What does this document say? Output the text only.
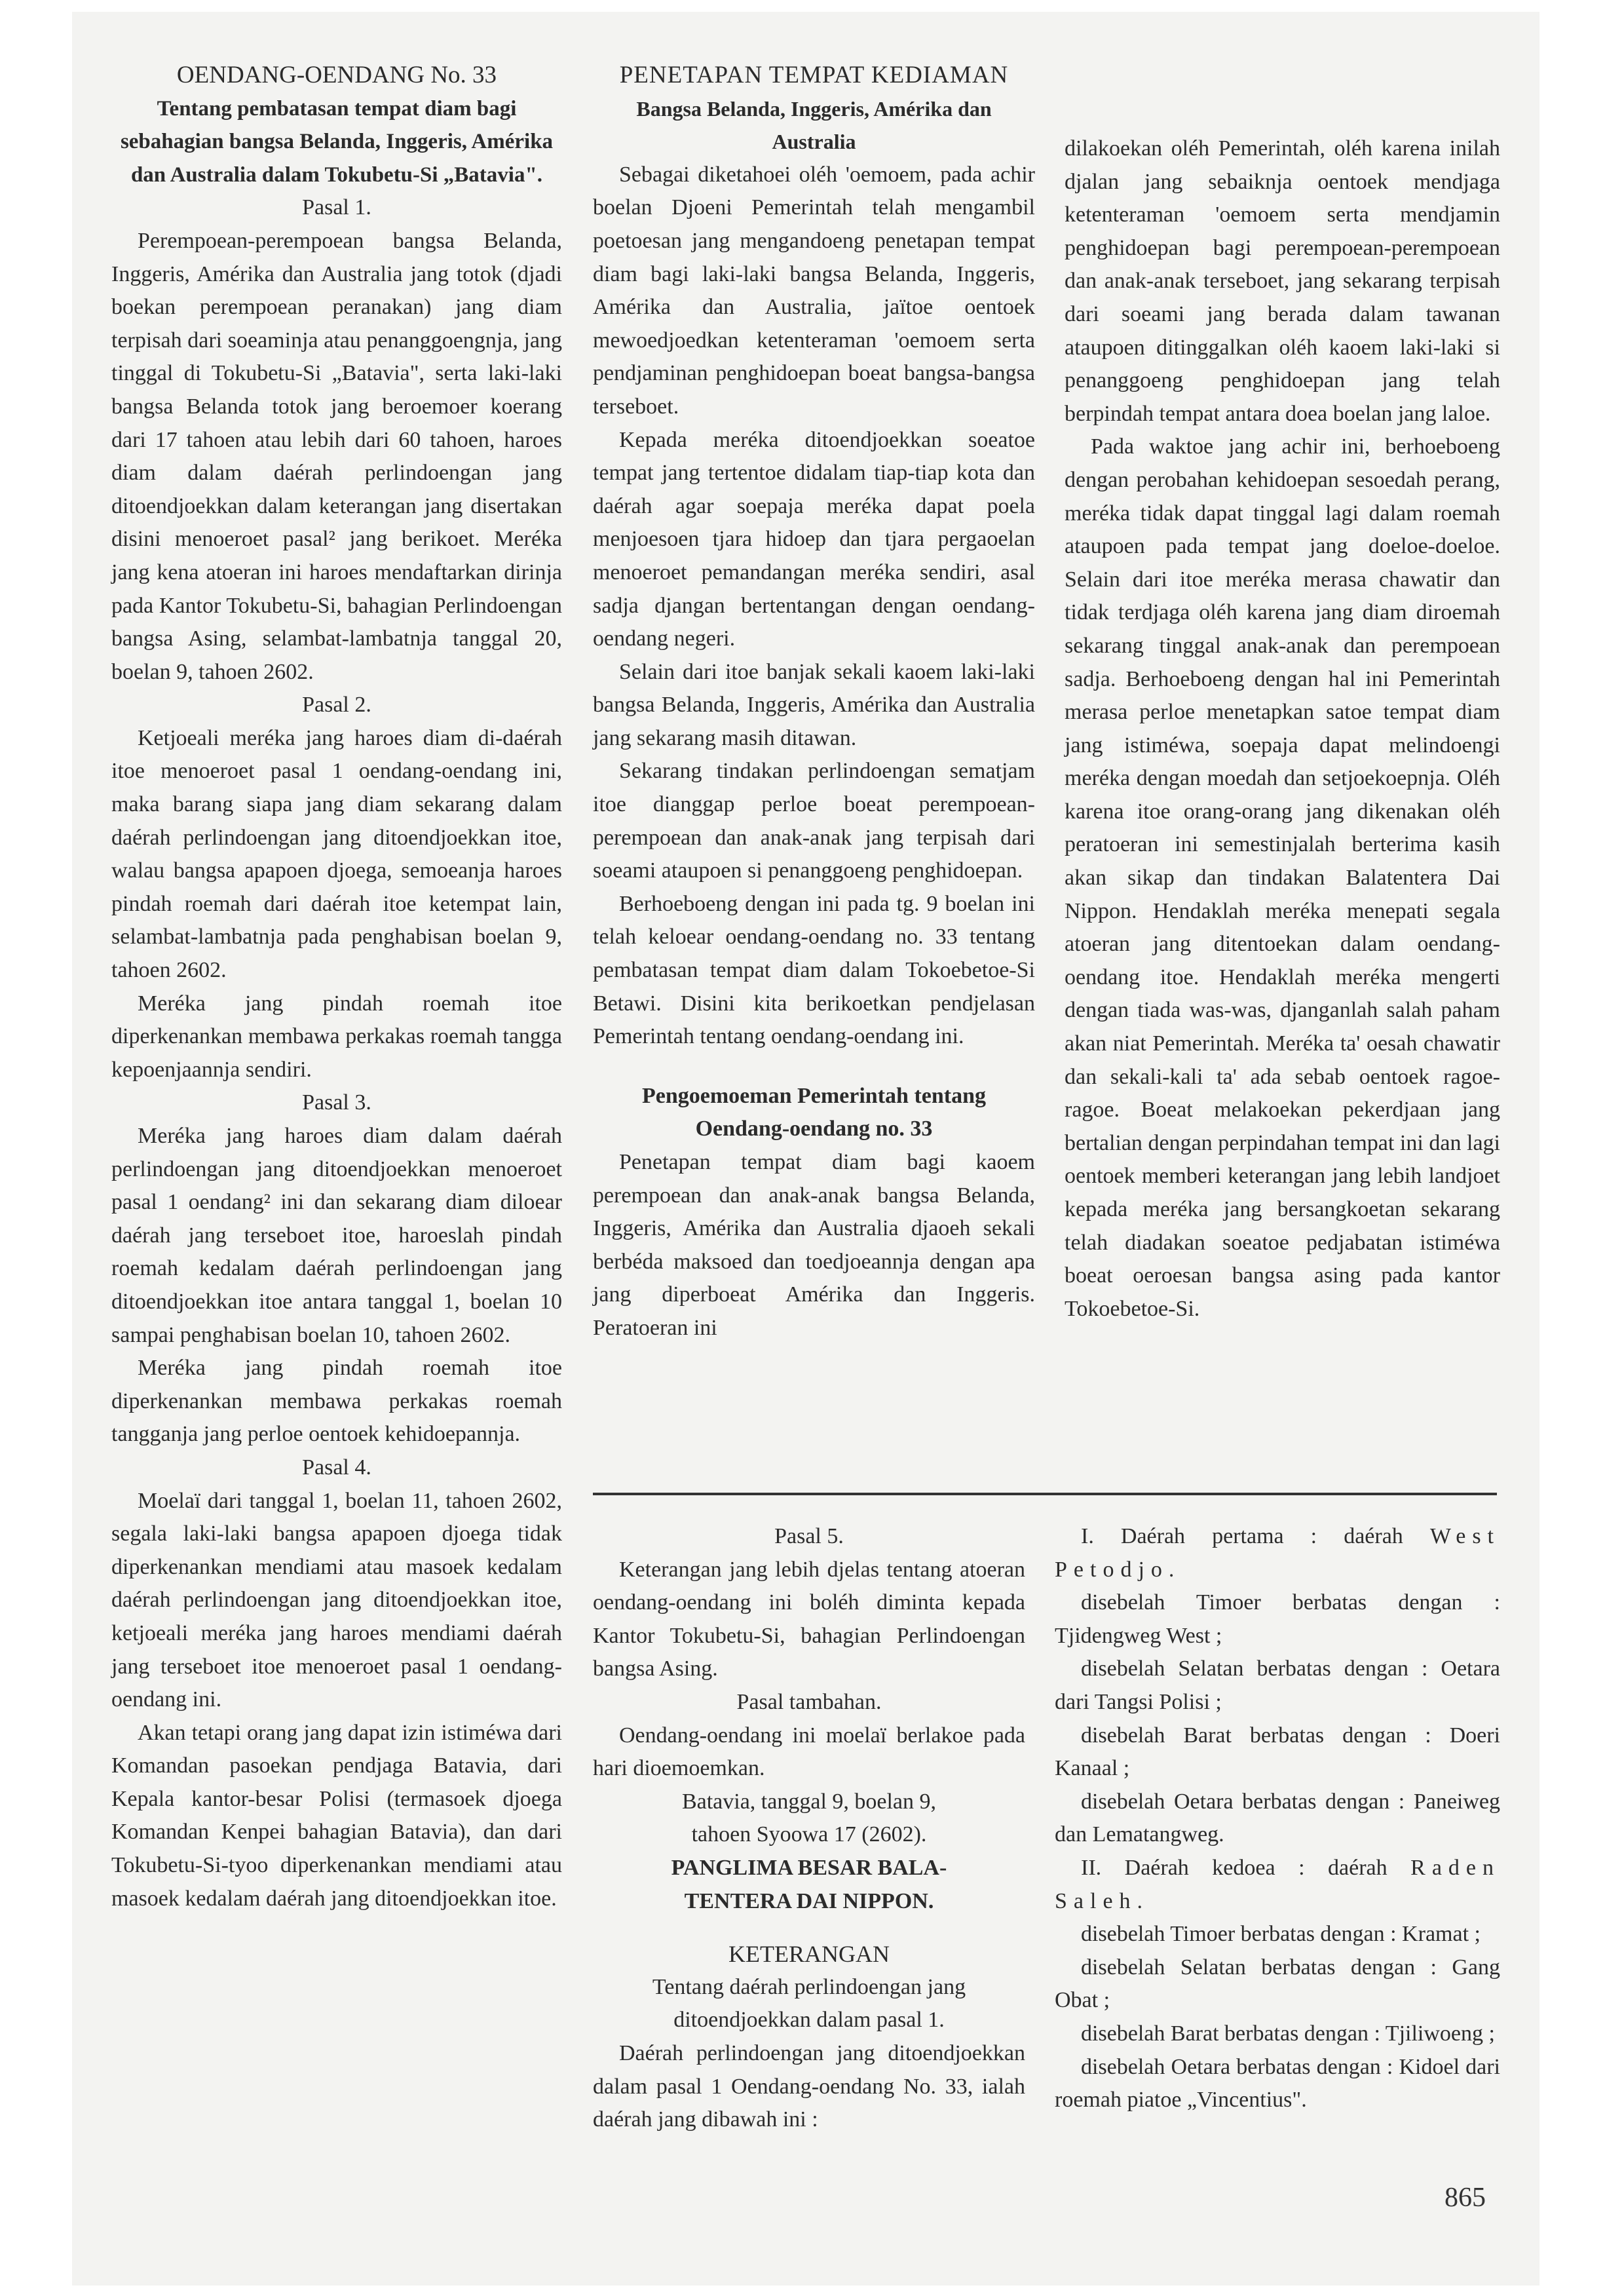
OENDANG-OENDANG No. 33
Tentang pembatasan tempat diam bagi sebahagian bangsa Belanda, Inggeris, Amérika dan Australia dalam Tokubetu-Si „Batavia".
Pasal 1.

Perempoean-perempoean bangsa Belanda, Inggeris, Amérika dan Australia jang totok (djadi boekan perempoean peranakan) jang diam terpisah dari soeaminja atau penanggoengnja, jang tinggal di Tokubetu-Si „Batavia", serta laki-laki bangsa Belanda totok jang beroemoer koerang dari 17 tahoen atau lebih dari 60 tahoen, haroes diam dalam daérah perlindoengan jang ditoendjoekkan dalam keterangan jang disertakan disini menoeroet pasal² jang berikoet. Meréka jang kena atoeran ini haroes mendaftarkan dirinja pada Kantor Tokubetu-Si, bahagian Perlindoengan bangsa Asing, selambat-lambatnja tanggal 20, boelan 9, tahoen 2602.

Pasal 2.

Ketjoeali meréka jang haroes diam di-daérah itoe menoeroet pasal 1 oendang-oendang ini, maka barang siapa jang diam sekarang dalam daérah perlindoengan jang ditoendjoekkan itoe, walau bangsa apapoen djoega, semoeanja haroes pindah roemah dari daérah itoe ketempat lain, selambat-lambatnja pada penghabisan boelan 9, tahoen 2602.

Meréka jang pindah roemah itoe diperkenankan membawa perkakas roemah tangga kepoenjaannja sendiri.

Pasal 3.

Meréka jang haroes diam dalam daérah perlindoengan jang ditoendjoekkan menoeroet pasal 1 oendang² ini dan sekarang diam diloear daérah jang terseboet itoe, haroeslah pindah roemah kedalam daérah perlindoengan jang ditoendjoekkan itoe antara tanggal 1, boelan 10 sampai penghabisan boelan 10, tahoen 2602.

Meréka jang pindah roemah itoe diperkenankan membawa perkakas roemah tangganja jang perloe oentoek kehidoepannja.

Pasal 4.

Moelaï dari tanggal 1, boelan 11, tahoen 2602, segala laki-laki bangsa apapoen djoega tidak diperkenankan mendiami atau masoek kedalam daérah perlindoengan jang ditoendjoekkan itoe, ketjoeali meréka jang haroes mendiami daérah jang terseboet itoe menoeroet pasal 1 oendang-oendang ini.

Akan tetapi orang jang dapat izin istiméwa dari Komandan pasoekan pendjaga Batavia, dari Kepala kantor-besar Polisi (termasoek djoega Komandan Kenpei bahagian Batavia), dan dari Tokubetu-Si-tyoo diperkenankan mendiami atau masoek kedalam daérah jang ditoendjoekkan itoe.

PENETAPAN TEMPAT KEDIAMAN
Bangsa Belanda, Inggeris, Amérika dan Australia

Sebagai diketahoei oléh 'oemoem, pada achir boelan Djoeni Pemerintah telah mengambil poetoesan jang mengandoeng penetapan tempat diam bagi laki-laki bangsa Belanda, Inggeris, Amérika dan Australia, jaïtoe oentoek mewoedjoedkan ketenteraman 'oemoem serta pendjaminan penghidoepan boeat bangsa-bangsa terseboet.

Kepada meréka ditoendjoekkan soeatoe tempat jang tertentoe didalam tiap-tiap kota dan daérah agar soepaja meréka dapat poela menjoesoen tjara hidoep dan tjara pergaoelan menoeroet pemandangan meréka sendiri, asal sadja djangan bertentangan dengan oendang-oendang negeri.

Selain dari itoe banjak sekali kaoem laki-laki bangsa Belanda, Inggeris, Amérika dan Australia jang sekarang masih ditawan.

Sekarang tindakan perlindoengan sematjam itoe dianggap perloe boeat perempoean-perempoean dan anak-anak jang terpisah dari soeami ataupoen si penanggoeng penghidoepan.

Berhoeboeng dengan ini pada tg. 9 boelan ini telah keloear oendang-oendang no. 33 tentang pembatasan tempat diam dalam Tokoebetoe-Si Betawi. Disini kita berikoetkan pendjelasan Pemerintah tentang oendang-oendang ini.

Pengoemoeman Pemerintah tentang
Oendang-oendang no. 33

Penetapan tempat diam bagi kaoem perempoean dan anak-anak bangsa Belanda, Inggeris, Amérika dan Australia djaoeh sekali berbéda maksoed dan toedjoeannja dengan apa jang diperboeat Amérika dan Inggeris. Peratoeran ini

dilakoekan oléh Pemerintah, oléh karena inilah djalan jang sebaiknja oentoek mendjaga ketenteraman 'oemoem serta mendjamin penghidoepan bagi perempoean-perempoean dan anak-anak terseboet, jang sekarang terpisah dari soeami jang berada dalam tawanan ataupoen ditinggalkan oléh kaoem laki-laki si penanggoeng penghidoepan jang telah berpindah tempat antara doea boelan jang laloe.

Pada waktoe jang achir ini, berhoeboeng dengan perobahan kehidoepan sesoedah perang, meréka tidak dapat tinggal lagi dalam roemah ataupoen pada tempat jang doeloe-doeloe. Selain dari itoe meréka merasa chawatir dan tidak terdjaga oléh karena jang diam diroemah sekarang tinggal anak-anak dan perempoean sadja. Berhoeboeng dengan hal ini Pemerintah merasa perloe menetapkan satoe tempat diam jang istiméwa, soepaja dapat melindoengi meréka dengan moedah dan setjoekoepnja. Oléh karena itoe orang-orang jang dikenakan oléh peratoeran ini semestinjalah berterima kasih akan sikap dan tindakan Balatentera Dai Nippon. Hendaklah meréka menepati segala atoeran jang ditentoekan dalam oendang-oendang itoe. Hendaklah meréka mengerti dengan tiada was-was, djanganlah salah paham akan niat Pemerintah. Meréka ta' oesah chawatir dan sekali-kali ta' ada sebab oentoek ragoe-ragoe. Boeat melakoekan pekerdjaan jang bertalian dengan perpindahan tempat ini dan lagi oentoek memberi keterangan jang lebih landjoet kepada meréka jang bersangkoetan sekarang telah diadakan soeatoe pedjabatan istiméwa boeat oeroesan bangsa asing pada kantor Tokoebetoe-Si.

Pasal 5.

Keterangan jang lebih djelas tentang atoeran oendang-oendang ini boléh diminta kepada Kantor Tokubetu-Si, bahagian Perlindoengan bangsa Asing.

Pasal tambahan.

Oendang-oendang ini moelaï berlakoe pada hari dioemoemkan.

Batavia, tanggal 9, boelan 9,
tahoen Syoowa 17 (2602).
PANGLIMA BESAR BALA-
TENTERA DAI NIPPON.
KETERANGAN
Tentang daérah perlindoengan jang
ditoendjoekkan dalam pasal 1.

Daérah perlindoengan jang ditoendjoekkan dalam pasal 1 Oendang-oendang No. 33, ialah daérah jang dibawah ini :

I. Daérah pertama : daérah West Petodjo.

disebelah Timoer berbatas dengan : Tjidengweg West ;

disebelah Selatan berbatas dengan : Oetara dari Tangsi Polisi ;

disebelah Barat berbatas dengan : Doeri Kanaal ;

disebelah Oetara berbatas dengan : Paneiweg dan Lematangweg.

II. Daérah kedoea : daérah Raden Saleh.

disebelah Timoer berbatas dengan : Kramat ;

disebelah Selatan berbatas dengan : Gang Obat ;

disebelah Barat berbatas dengan : Tjiliwoeng ;

disebelah Oetara berbatas dengan : Kidoel dari roemah piatoe „Vincentius".

865
